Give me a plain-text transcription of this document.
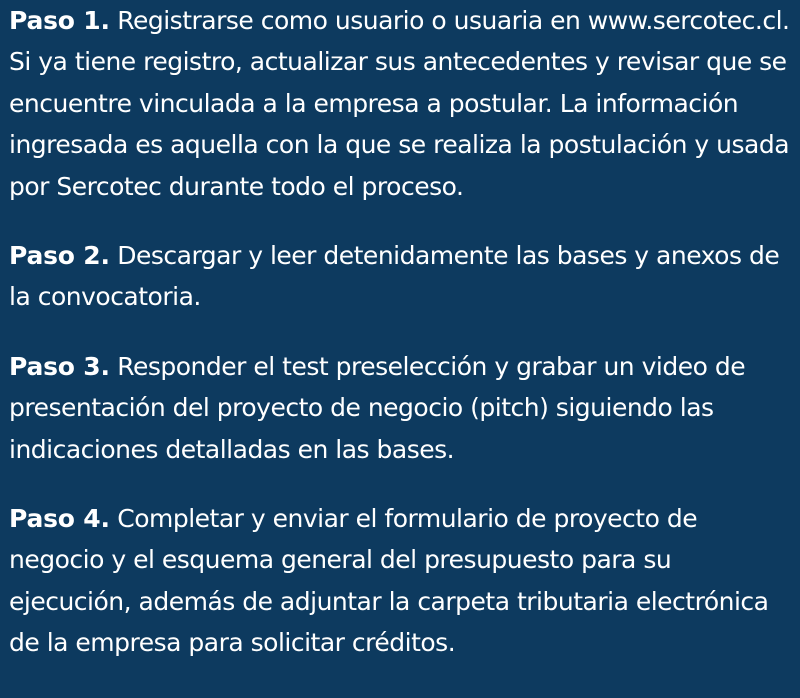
Paso 1. Registrarse como usuario o usuaria en www.sercotec.cl. Si ya tiene registro, actualizar sus antecedentes y revisar que se encuentre vinculada a la empresa a postular. La información ingresada es aquella con la que se realiza la postulación y usada por Sercotec durante todo el proceso.

Paso 2. Descargar y leer detenidamente las bases y anexos de la convocatoria.

Paso 3. Responder el test preselección y grabar un video de presentación del proyecto de negocio (pitch) siguiendo las indicaciones detalladas en las bases.

Paso 4. Completar y enviar el formulario de proyecto de negocio y el esquema general del presupuesto para su ejecución, además de adjuntar la carpeta tributaria electrónica de la empresa para solicitar créditos.
